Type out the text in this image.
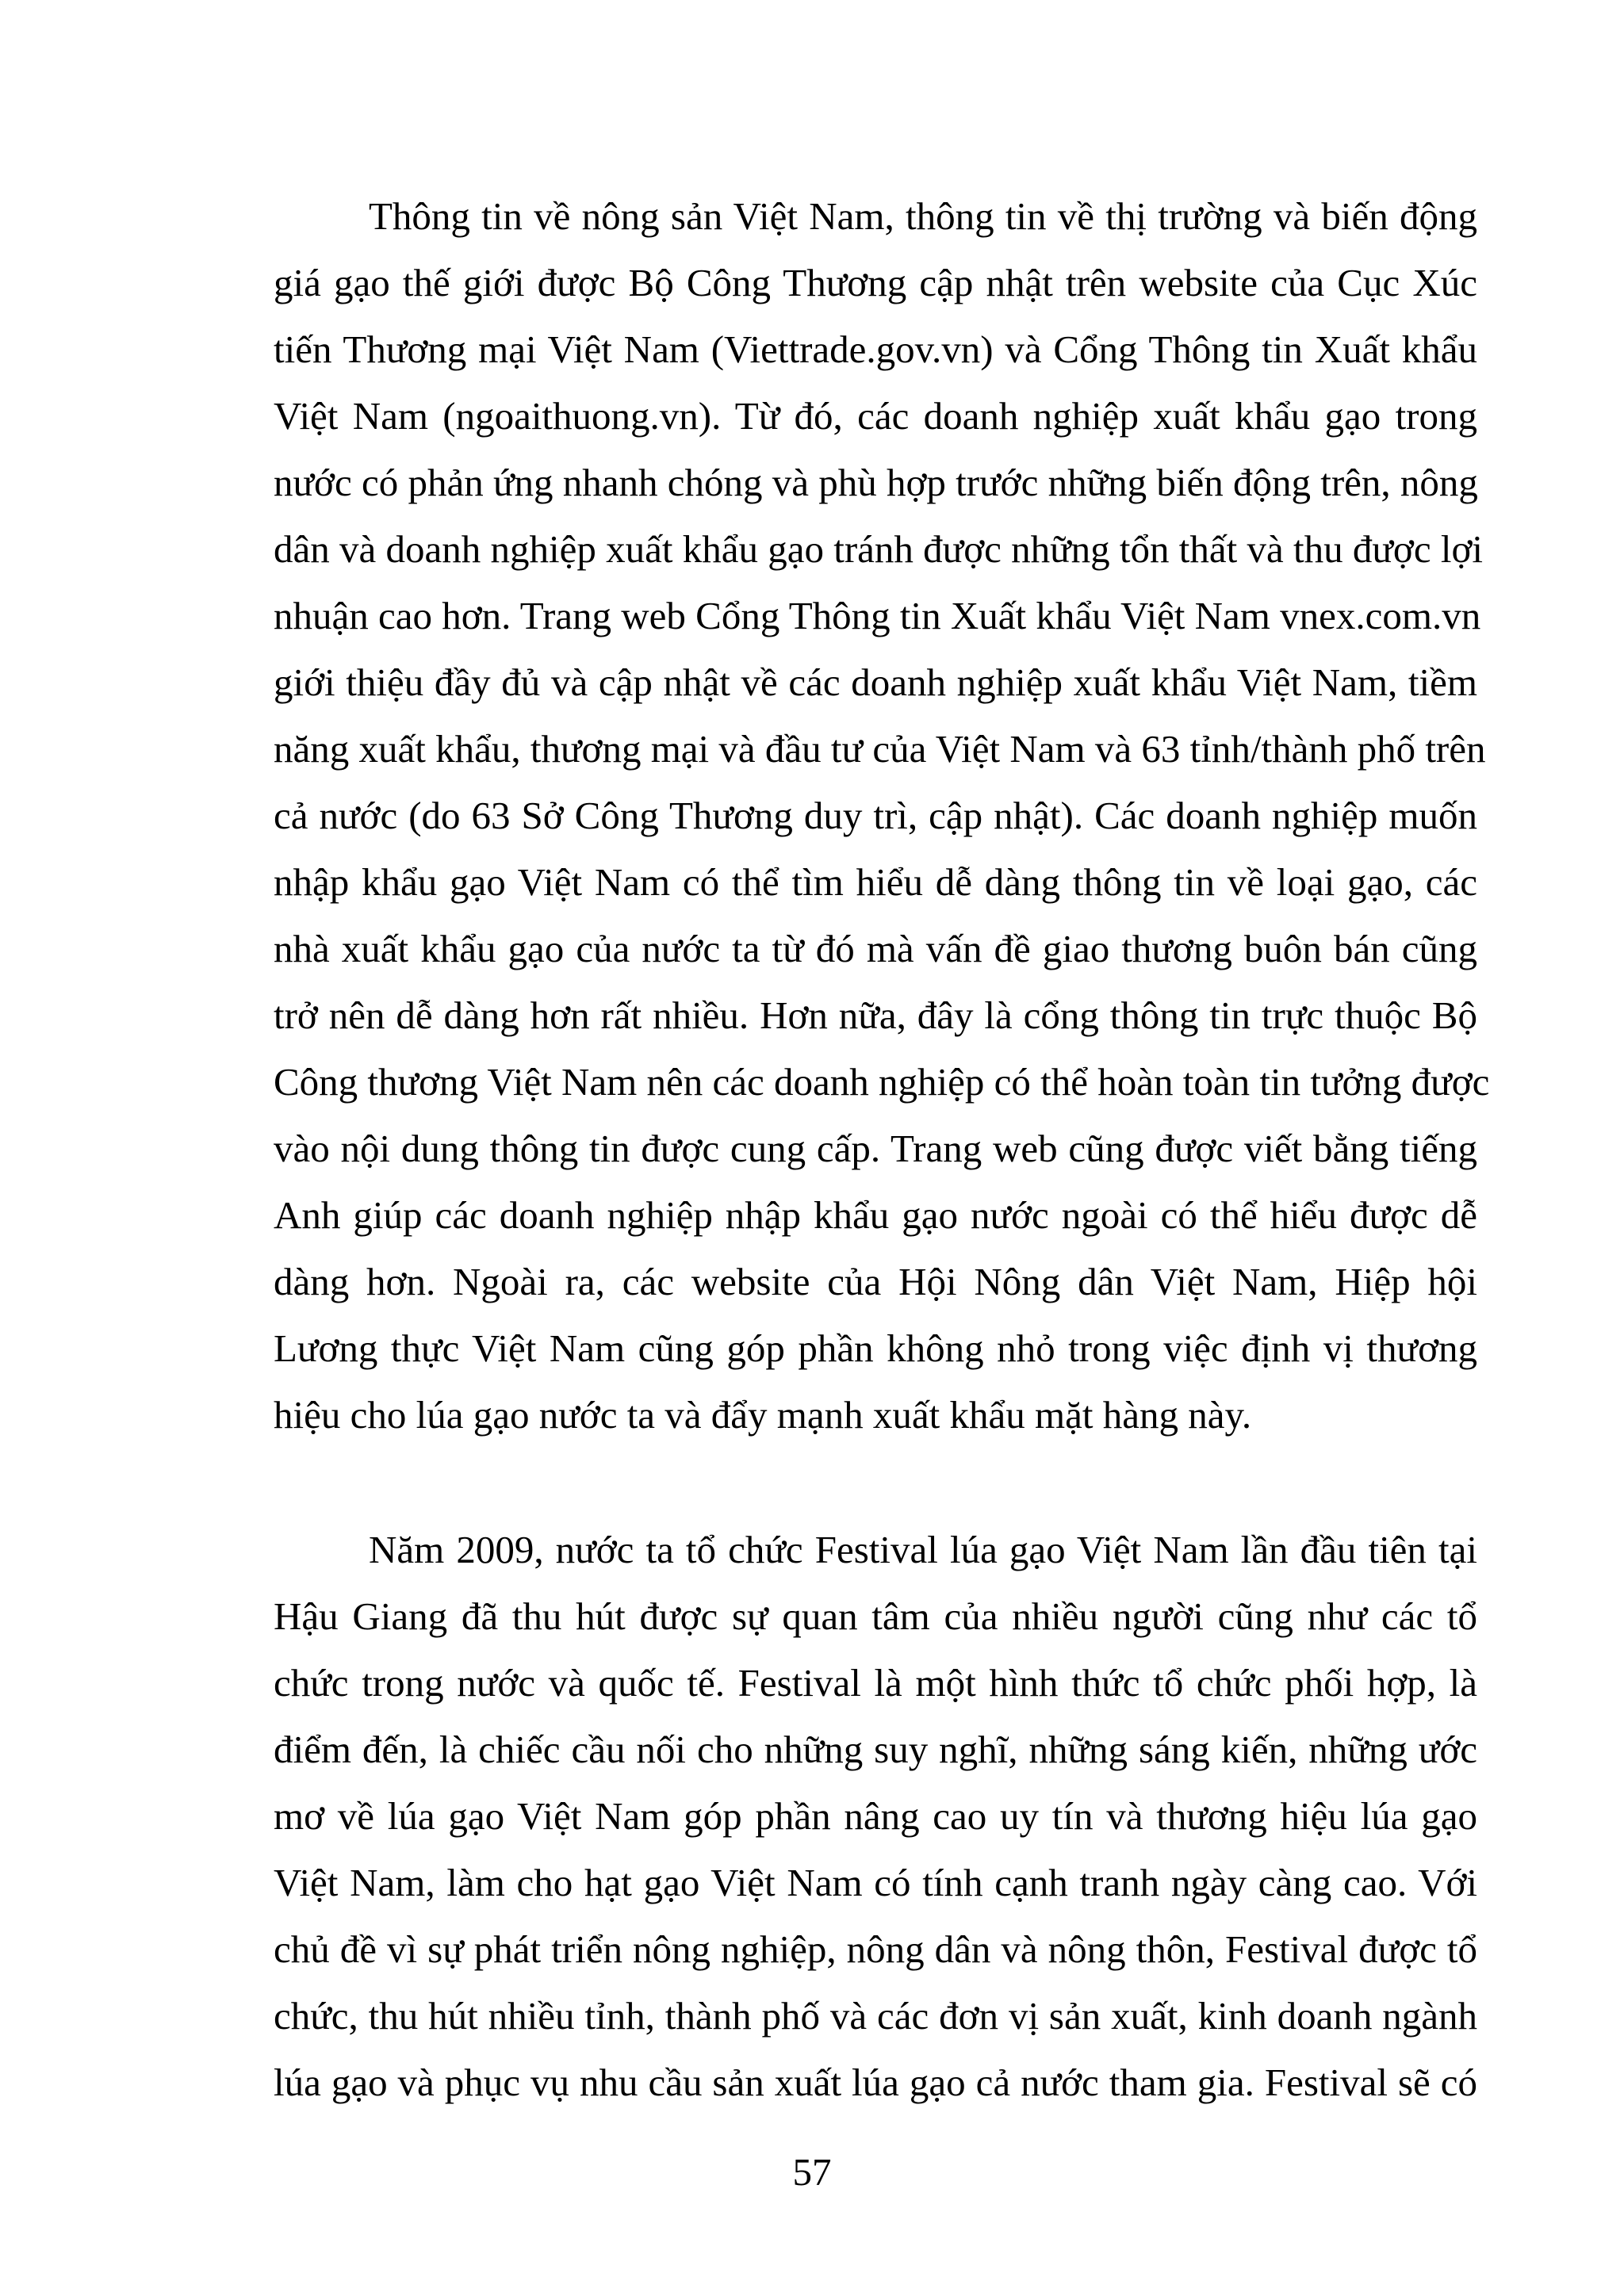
Thông tin về nông sản Việt Nam, thông tin về thị trường và biến động
giá gạo thế giới được Bộ Công Thương cập nhật trên website của Cục Xúc
tiến Thương mại Việt Nam (Viettrade.gov.vn) và Cổng Thông tin Xuất khẩu
Việt Nam (ngoaithuong.vn). Từ đó, các doanh nghiệp xuất khẩu gạo trong
nước có phản ứng nhanh chóng và phù hợp trước những biến động trên, nông
dân và doanh nghiệp xuất khẩu gạo tránh được những tổn thất và thu được lợi
nhuận cao hơn. Trang web Cổng Thông tin Xuất khẩu Việt Nam vnex.com.vn
giới thiệu đầy đủ và cập nhật về các doanh nghiệp xuất khẩu Việt Nam, tiềm
năng xuất khẩu, thương mại và đầu tư của Việt Nam và 63 tỉnh/thành phố trên
cả nước (do 63 Sở Công Thương duy trì, cập nhật). Các doanh nghiệp muốn
nhập khẩu gạo Việt Nam có thể tìm hiểu dễ dàng thông tin về loại gạo, các
nhà xuất khẩu gạo của nước ta từ đó mà vấn đề giao thương buôn bán cũng
trở nên dễ dàng hơn rất nhiều. Hơn nữa, đây là cổng thông tin trực thuộc Bộ
Công thương Việt Nam nên các doanh nghiệp có thể hoàn toàn tin tưởng được
vào nội dung thông tin được cung cấp. Trang web cũng được viết bằng tiếng
Anh giúp các doanh nghiệp nhập khẩu gạo nước ngoài có thể hiểu được dễ
dàng hơn. Ngoài ra, các website của Hội Nông dân Việt Nam, Hiệp hội
Lương thực Việt Nam cũng góp phần không nhỏ trong việc định vị thương
hiệu cho lúa gạo nước ta và đẩy mạnh xuất khẩu mặt hàng này.
Năm 2009, nước ta tổ chức Festival lúa gạo Việt Nam lần đầu tiên tại
Hậu Giang đã thu hút được sự quan tâm của nhiều người cũng như các tổ
chức trong nước và quốc tế. Festival là một hình thức tổ chức phối hợp, là
điểm đến, là chiếc cầu nối cho những suy nghĩ, những sáng kiến, những ước
mơ về lúa gạo Việt Nam góp phần nâng cao uy tín và thương hiệu lúa gạo
Việt Nam, làm cho hạt gạo Việt Nam có tính cạnh tranh ngày càng cao. Với
chủ đề vì sự phát triển nông nghiệp, nông dân và nông thôn, Festival được tổ
chức, thu hút nhiều tỉnh, thành phố và các đơn vị sản xuất, kinh doanh ngành
lúa gạo và phục vụ nhu cầu sản xuất lúa gạo cả nước tham gia. Festival sẽ có
57
